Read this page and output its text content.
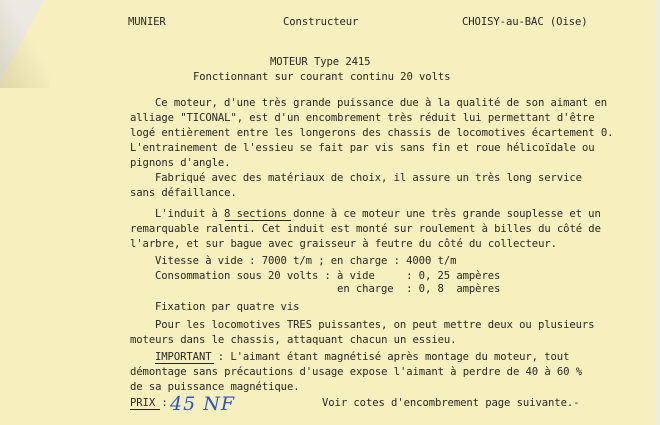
MUNIER	Constructeur	CHOISY-au-BAC (Oise)
MOTEUR Type 2415
Fonctionnant sur courant continu 20 volts
Ce moteur, d'une très grande puissance due à la qualité de son aimant en
alliage "TICONAL", est d'un encombrement très réduit lui permettant d'être
logé entièrement entre les longerons des chassis de locomotives écartement 0.
L'entrainement de l'essieu se fait par vis sans fin et roue hélicoïdale ou
pignons d'angle.
Fabriqué avec des matériaux de choix, il assure un très long service
sans défaillance.
L'induit à 8 sections donne à ce moteur une très grande souplesse et un
remarquable ralenti. Cet induit est monté sur roulement à billes du côté de
l'arbre, et sur bague avec graisseur à feutre du côté du collecteur.
Vitesse à vide : 7000 t/m ; en charge : 4000 t/m
Consommation sous 20 volts : à vide     : 0, 25 ampères
en charge  : 0, 8  ampères
Fixation par quatre vis
Pour les locomotives TRES puissantes, on peut mettre deux ou plusieurs
moteurs dans le chassis, attaquant chacun un essieu.
IMPORTANT : L'aimant étant magnétisé après montage du moteur, tout
démontage sans précautions d'usage expose l'aimant à perdre de 40 à 60 %
de sa puissance magnétique.
PRIX : 45 NF	Voir cotes d'encombrement page suivante.-
